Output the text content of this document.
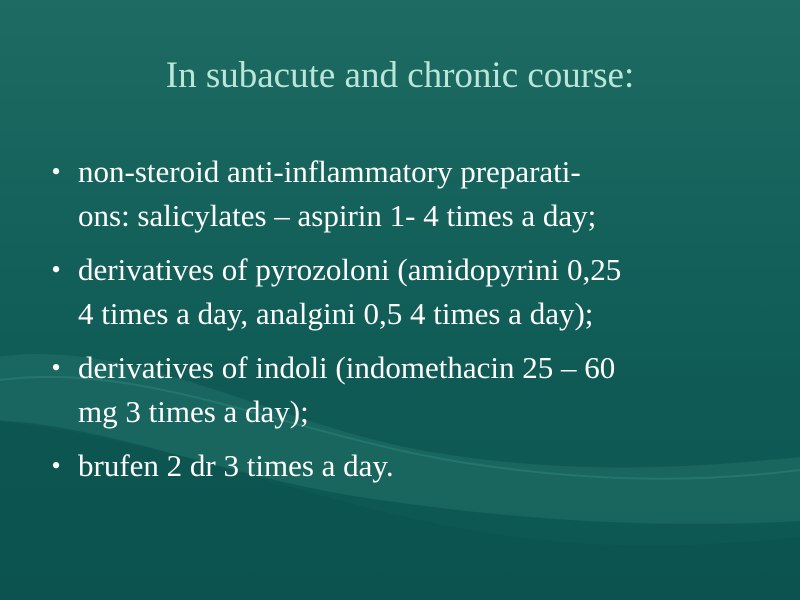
In subacute and chronic course:
• non-steroid anti-inflammatory preparati-
ons: salicylates – aspirin 1- 4 times a day;
• derivatives of pyrozoloni (amidopyrini 0,25
4 times a day, analgini 0,5 4 times a day);
• derivatives of indoli (indomethacin 25 – 60
mg 3 times a day);
• brufen 2 dr 3 times a day.
